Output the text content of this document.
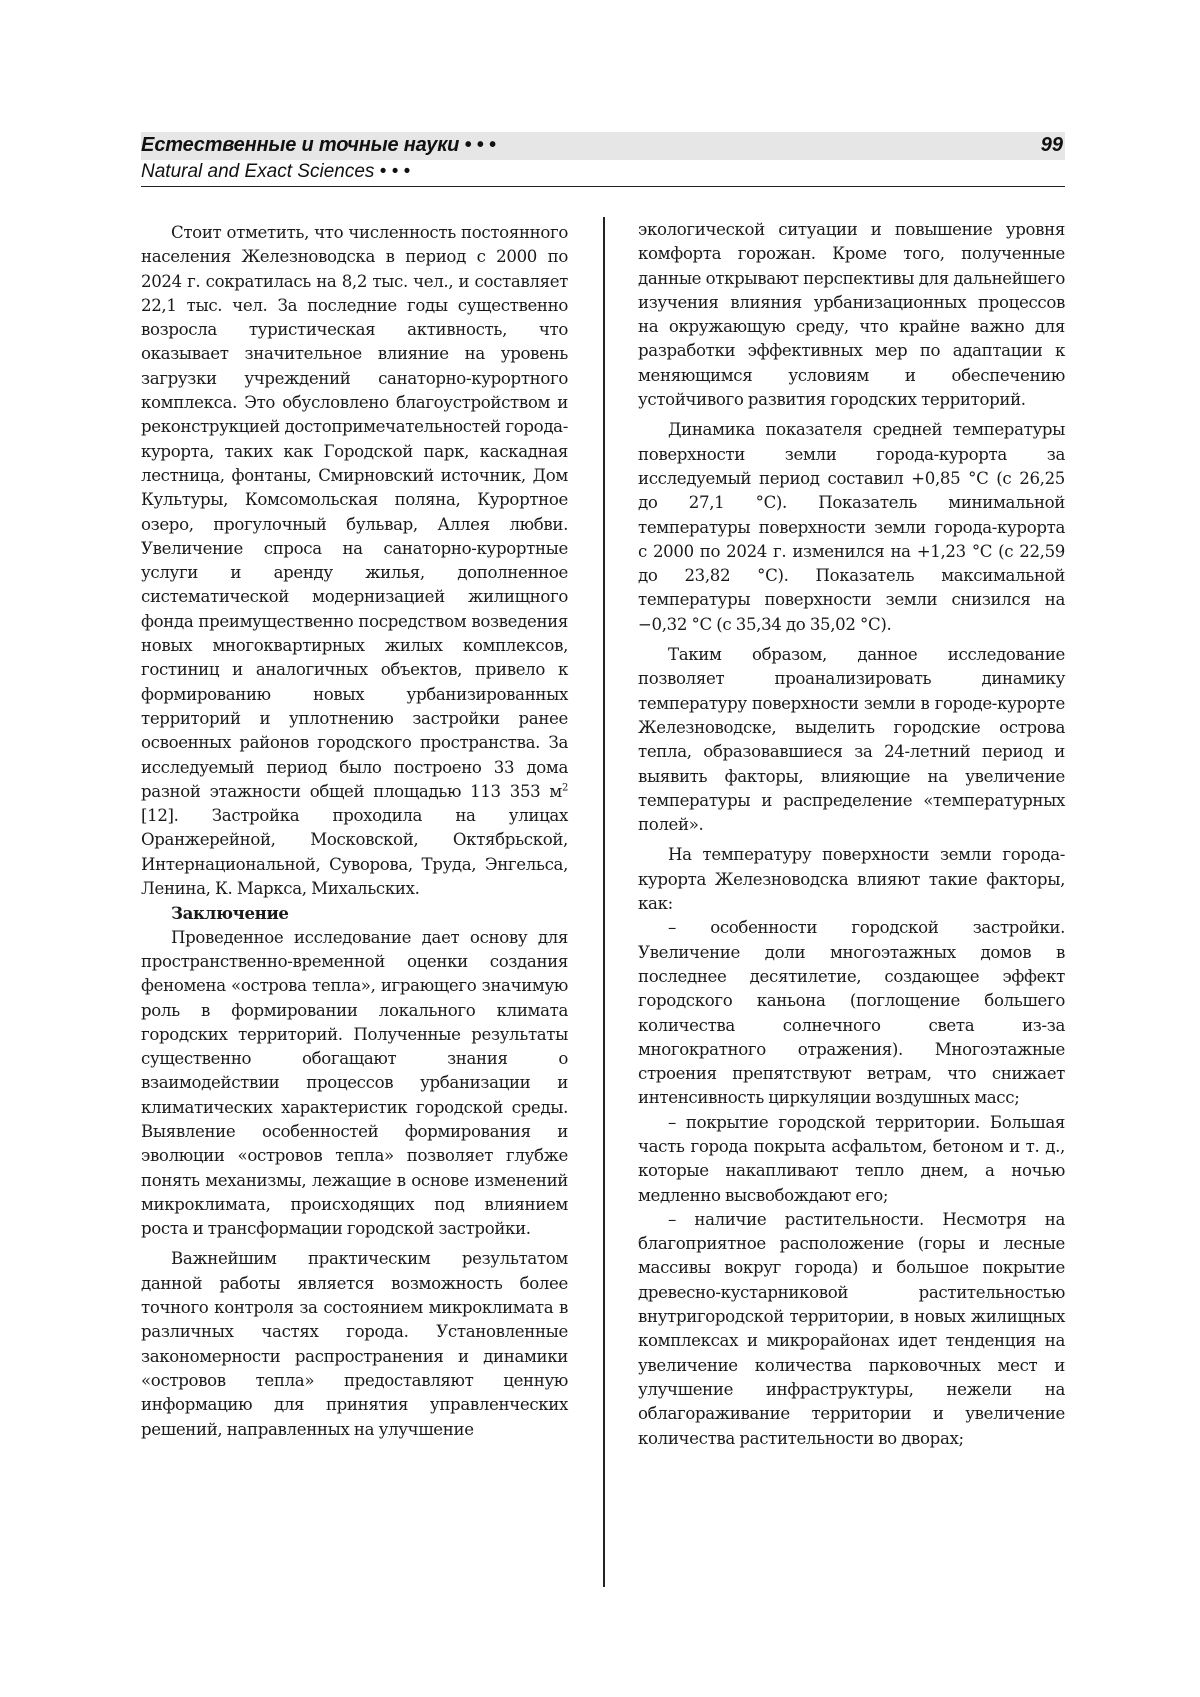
Естественные и точные науки • • •	99
Natural and Exact Sciences • • •

Стоит отметить, что численность постоянного населения Железноводска в период с 2000 по 2024 г. сократилась на 8,2 тыс. чел., и составляет 22,1 тыс. чел. За последние годы существенно возросла туристическая активность, что оказывает значительное влияние на уровень загрузки учреждений санаторно-курортного комплекса. Это обусловлено благоустройством и реконструкцией достопримечательностей города-курорта, таких как Городской парк, каскадная лестница, фонтаны, Смирновский источник, Дом Культуры, Комсомольская поляна, Курортное озеро, прогулочный бульвар, Аллея любви. Увеличение спроса на санаторно-курортные услуги и аренду жилья, дополненное систематической модернизацией жилищного фонда преимущественно посредством возведения новых многоквартирных жилых комплексов, гостиниц и аналогичных объектов, привело к формированию новых урбанизированных территорий и уплотнению застройки ранее освоенных районов городского пространства. За исследуемый период было построено 33 дома разной этажности общей площадью 113 353 $м^2$ [12]. Застройка проходила на улицах Оранжерейной, Московской, Октябрьской, Интернациональной, Суворова, Труда, Энгельса, Ленина, К. Маркса, Михальских.

Заключение

Проведенное исследование дает основу для пространственно-временной оценки создания феномена «острова тепла», играющего значимую роль в формировании локального климата городских территорий. Полученные результаты существенно обогащают знания о взаимодействии процессов урбанизации и климатических характеристик городской среды. Выявление особенностей формирования и эволюции «островов тепла» позволяет глубже понять механизмы, лежащие в основе изменений микроклимата, происходящих под влиянием роста и трансформации городской застройки.

Важнейшим практическим результатом данной работы является возможность более точного контроля за состоянием микроклимата в различных частях города. Установленные закономерности распространения и динамики «островов тепла» предоставляют ценную информацию для принятия управленческих решений, направленных на улучшение

экологической ситуации и повышение уровня комфорта горожан. Кроме того, полученные данные открывают перспективы для дальнейшего изучения влияния урбанизационных процессов на окружающую среду, что крайне важно для разработки эффективных мер по адаптации к меняющимся условиям и обеспечению устойчивого развития городских территорий.

Динамика показателя средней температуры поверхности земли города-курорта за исследуемый период составил +0,85 °С (с 26,25 до 27,1 °С). Показатель минимальной температуры поверхности земли города-курорта с 2000 по 2024 г. изменился на +1,23 °С (с 22,59 до 23,82 °С). Показатель максимальной температуры поверхности земли снизился на −0,32 °С (с 35,34 до 35,02 °С).

Таким образом, данное исследование позволяет проанализировать динамику температуру поверхности земли в городе-курорте Железноводске, выделить городские острова тепла, образовавшиеся за 24-летний период и выявить факторы, влияющие на увеличение температуры и распределение «температурных полей».

На температуру поверхности земли города-курорта Железноводска влияют такие факторы, как:

– особенности городской застройки. Увеличение доли многоэтажных домов в последнее десятилетие, создающее эффект городского каньона (поглощение большего количества солнечного света из-за многократного отражения). Многоэтажные строения препятствуют ветрам, что снижает интенсивность циркуляции воздушных масс;

– покрытие городской территории. Большая часть города покрыта асфальтом, бетоном и т. д., которые накапливают тепло днем, а ночью медленно высвобождают его;

– наличие растительности. Несмотря на благоприятное расположение (горы и лесные массивы вокруг города) и большое покрытие древесно-кустарниковой растительностью внутригородской территории, в новых жилищных комплексах и микрорайонах идет тенденция на увеличение количества парковочных мест и улучшение инфраструктуры, нежели на облагораживание территории и увеличение количества растительности во дворах;
